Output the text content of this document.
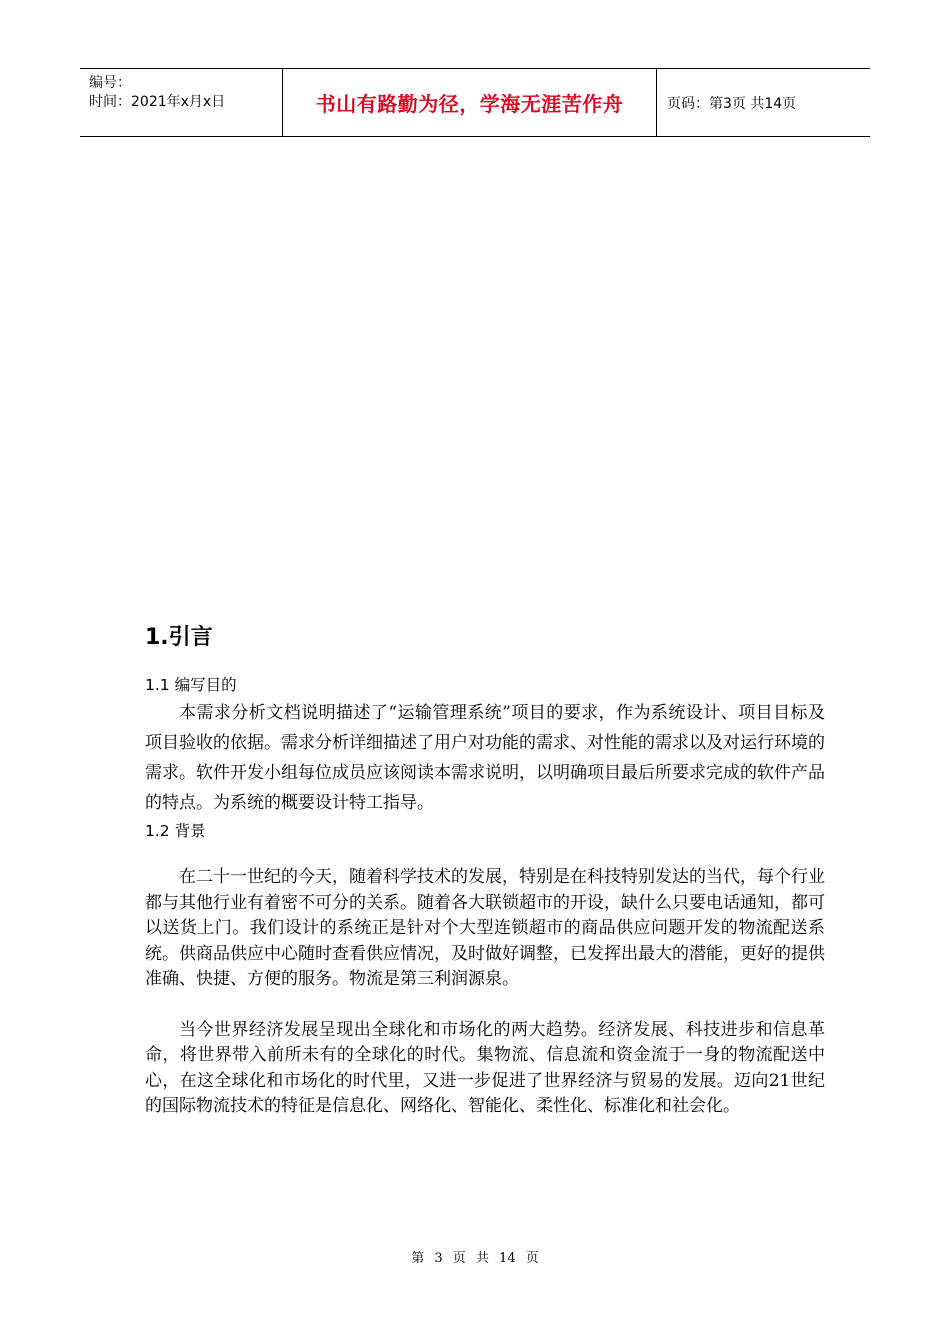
编号：
时间：2021年x月x日	书山有路勤为径，学海无涯苦作舟	页码：第3页 共14页
1.引言
1.1 编写目的

本需求分析文档说明描述了“运输管理系统”项目的要求，作为系统设计、项目目标及项目验收的依据。需求分析详细描述了用户对功能的需求、对性能的需求以及对运行环境的需求。软件开发小组每位成员应该阅读本需求说明，以明确项目最后所要求完成的软件产品的特点。为系统的概要设计特工指导。

1.2 背景

在二十一世纪的今天，随着科学技术的发展，特别是在科技特别发达的当代，每个行业都与其他行业有着密不可分的关系。随着各大联锁超市的开设，缺什么只要电话通知，都可以送货上门。我们设计的系统正是针对个大型连锁超市的商品供应问题开发的物流配送系统。供商品供应中心随时查看供应情况，及时做好调整，已发挥出最大的潜能，更好的提供准确、快捷、方便的服务。物流是第三利润源泉。

当今世界经济发展呈现出全球化和市场化的两大趋势。经济发展、科技进步和信息革命，将世界带入前所未有的全球化的时代。集物流、信息流和资金流于一身的物流配送中心，在这全球化和市场化的时代里，又进一步促进了世界经济与贸易的发展。迈向21世纪的国际物流技术的特征是信息化、网络化、智能化、柔性化、标准化和社会化。

第 3 页 共 14 页
